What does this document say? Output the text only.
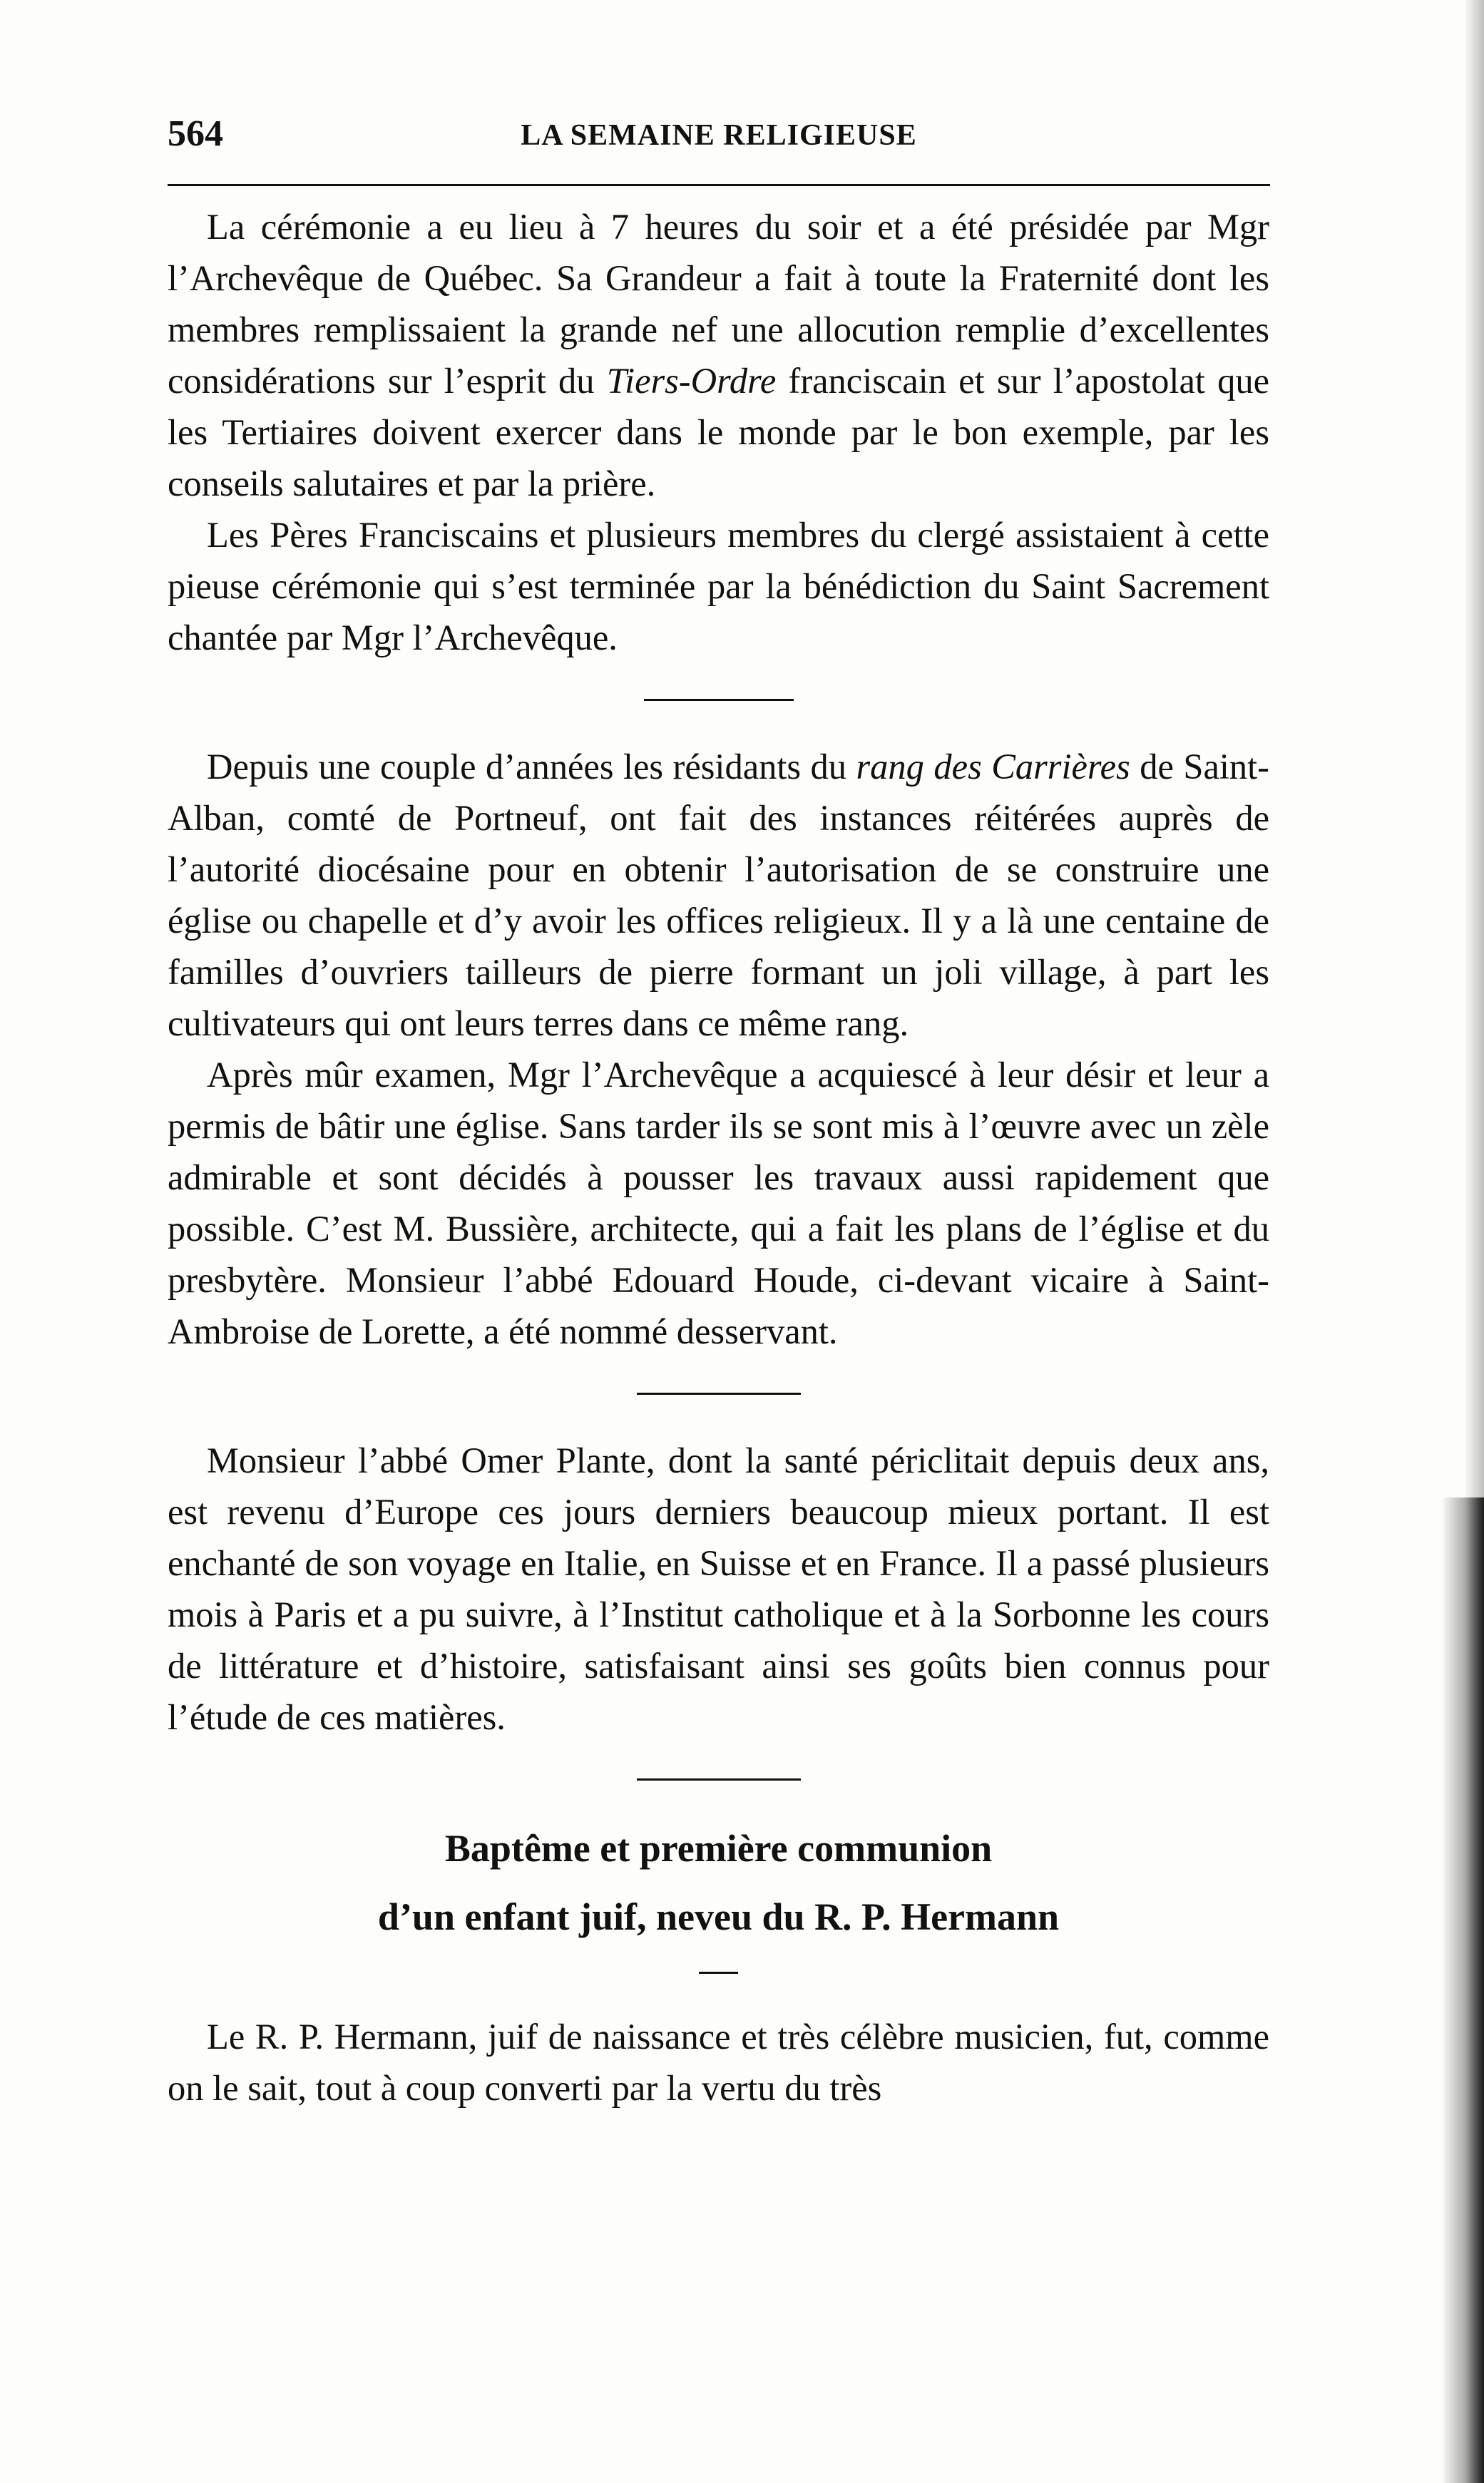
564	LA SEMAINE RELIGIEUSE

La cérémonie a eu lieu à 7 heures du soir et a été présidée par Mgr l’Archevêque de Québec. Sa Grandeur a fait à toute la Fraternité dont les membres remplissaient la grande nef une allocution remplie d’excellentes considérations sur l’esprit du Tiers-Ordre franciscain et sur l’apostolat que les Tertiaires doivent exercer dans le monde par le bon exemple, par les conseils salutaires et par la prière.

Les Pères Franciscains et plusieurs membres du clergé assistaient à cette pieuse cérémonie qui s’est terminée par la bénédiction du Saint Sacrement chantée par Mgr l’Archevêque.

Depuis une couple d’années les résidants du rang des Carrières de Saint-Alban, comté de Portneuf, ont fait des instances réitérées auprès de l’autorité diocésaine pour en obtenir l’autorisation de se construire une église ou chapelle et d’y avoir les offices religieux. Il y a là une centaine de familles d’ouvriers tailleurs de pierre formant un joli village, à part les cultivateurs qui ont leurs terres dans ce même rang.

Après mûr examen, Mgr l’Archevêque a acquiescé à leur désir et leur a permis de bâtir une église. Sans tarder ils se sont mis à l’œuvre avec un zèle admirable et sont décidés à pousser les travaux aussi rapidement que possible. C’est M. Bussière, architecte, qui a fait les plans de l’église et du presbytère. Monsieur l’abbé Edouard Houde, ci-devant vicaire à Saint-Ambroise de Lorette, a été nommé desservant.

Monsieur l’abbé Omer Plante, dont la santé périclitait depuis deux ans, est revenu d’Europe ces jours derniers beaucoup mieux portant. Il est enchanté de son voyage en Italie, en Suisse et en France. Il a passé plusieurs mois à Paris et a pu suivre, à l’Institut catholique et à la Sorbonne les cours de littérature et d’histoire, satisfaisant ainsi ses goûts bien connus pour l’étude de ces matières.

Baptême et première communion
d’un enfant juif, neveu du R. P. Hermann

Le R. P. Hermann, juif de naissance et très célèbre musicien, fut, comme on le sait, tout à coup converti par la vertu du très
